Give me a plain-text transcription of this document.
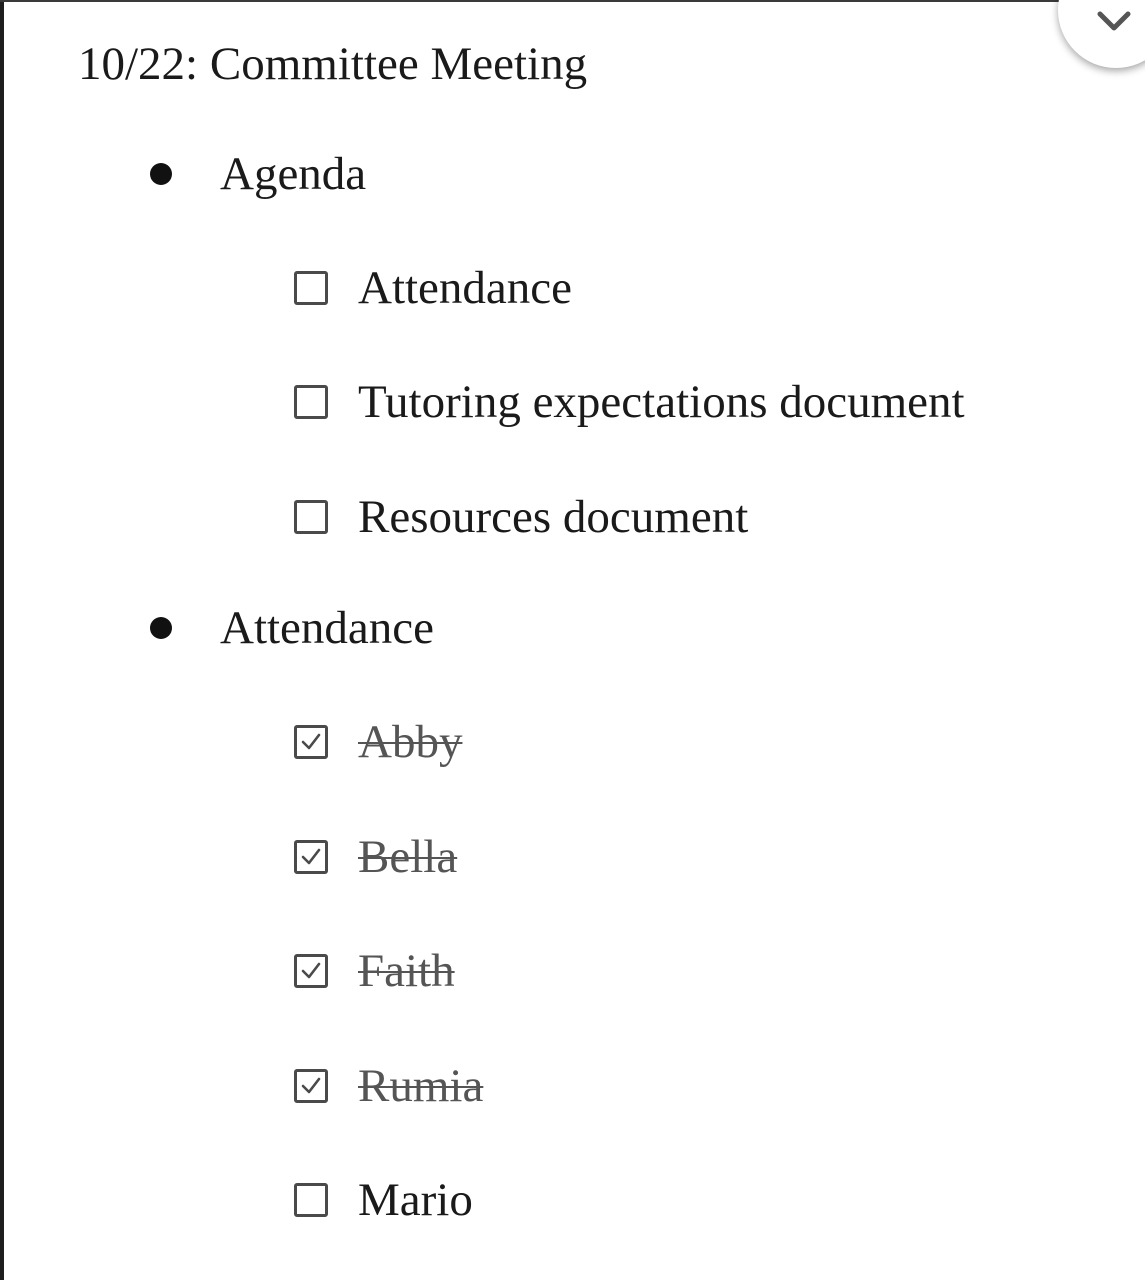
10/22: Committee Meeting
Agenda
Attendance
Tutoring expectations document
Resources document
Attendance
Abby
Bella
Faith
Rumia
Mario
